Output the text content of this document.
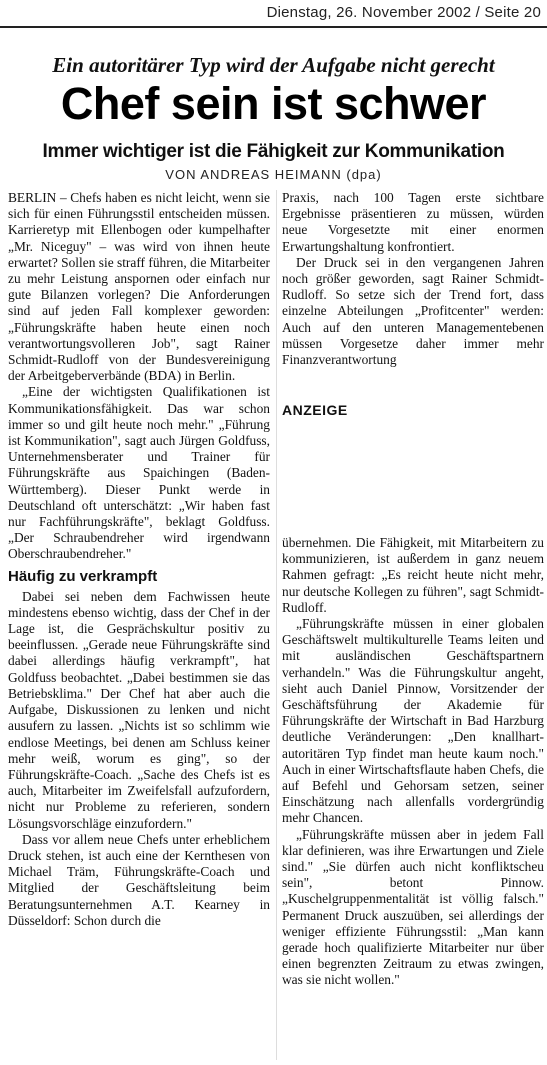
Dienstag, 26. November 2002 / Seite 20
Ein autoritärer Typ wird der Aufgabe nicht gerecht
Chef sein ist schwer
Immer wichtiger ist die Fähigkeit zur Kommunikation
VON ANDREAS HEIMANN (dpa)

BERLIN – Chefs haben es nicht leicht, wenn sie sich für einen Führungsstil entscheiden müssen. Karrieretyp mit Ellenbogen oder kumpelhafter „Mr. Niceguy" – was wird von ihnen heute erwartet? Sollen sie straff führen, die Mitarbeiter zu mehr Leistung anspornen oder einfach nur gute Bilanzen vorlegen? Die Anforderungen sind auf jeden Fall komplexer geworden: „Führungskräfte haben heute einen noch verantwortungsvolleren Job", sagt Rainer Schmidt-Rudloff von der Bundesvereinigung der Arbeitgeberverbände (BDA) in Berlin.

„Eine der wichtigsten Qualifikationen ist Kommunikationsfähigkeit. Das war schon immer so und gilt heute noch mehr." „Führung ist Kommunikation", sagt auch Jürgen Goldfuss, Unternehmensberater und Trainer für Führungskräfte aus Spaichingen (Baden-Württemberg). Dieser Punkt werde in Deutschland oft unterschätzt: „Wir haben fast nur Fachführungskräfte", beklagt Goldfuss. „Der Schraubendreher wird irgendwann Oberschraubendreher."

Häufig zu verkrampft

Dabei sei neben dem Fachwissen heute mindestens ebenso wichtig, dass der Chef in der Lage ist, die Gesprächskultur positiv zu beeinflussen. „Gerade neue Führungskräfte sind dabei allerdings häufig verkrampft", hat Goldfuss beobachtet. „Dabei bestimmen sie das Betriebsklima." Der Chef hat aber auch die Aufgabe, Diskussionen zu lenken und nicht ausufern zu lassen. „Nichts ist so schlimm wie endlose Meetings, bei denen am Schluss keiner mehr weiß, worum es ging", so der Führungskräfte-Coach. „Sache des Chefs ist es auch, Mitarbeiter im Zweifelsfall aufzufordern, nicht nur Probleme zu referieren, sondern Lösungsvorschläge einzufordern."

Dass vor allem neue Chefs unter erheblichem Druck stehen, ist auch eine der Kernthesen von Michael Träm, Führungskräfte-Coach und Mitglied der Geschäftsleitung beim Beratungsunternehmen A.T. Kearney in Düsseldorf: Schon durch die

Praxis, nach 100 Tagen erste sichtbare Ergebnisse präsentieren zu müssen, würden neue Vorgesetzte mit einer enormen Erwartungshaltung konfrontiert.

Der Druck sei in den vergangenen Jahren noch größer geworden, sagt Rainer Schmidt-Rudloff. So setze sich der Trend fort, dass einzelne Abteilungen „Profitcenter" werden: Auch auf den unteren Managementebenen müssen Vorgesetze daher immer mehr Finanzverantwortung

ANZEIGE

übernehmen. Die Fähigkeit, mit Mitarbeitern zu kommunizieren, ist außerdem in ganz neuem Rahmen gefragt: „Es reicht heute nicht mehr, nur deutsche Kollegen zu führen", sagt Schmidt-Rudloff.

„Führungskräfte müssen in einer globalen Geschäftswelt multikulturelle Teams leiten und mit ausländischen Geschäftspartnern verhandeln." Was die Führungskultur angeht, sieht auch Daniel Pinnow, Vorsitzender der Geschäftsführung der Akademie für Führungskräfte der Wirtschaft in Bad Harzburg deutliche Veränderungen: „Den knallhart-autoritären Typ findet man heute kaum noch." Auch in einer Wirtschaftsflaute haben Chefs, die auf Befehl und Gehorsam setzen, seiner Einschätzung nach allenfalls vordergründig mehr Chancen.

„Führungskräfte müssen aber in jedem Fall klar definieren, was ihre Erwartungen und Ziele sind." „Sie dürfen auch nicht konfliktscheu sein", betont Pinnow. „Kuschelgruppenmentalität ist völlig falsch." Permanent Druck auszuüben, sei allerdings der weniger effiziente Führungsstil: „Man kann gerade hoch qualifizierte Mitarbeiter nur über einen begrenzten Zeitraum zu etwas zwingen, was sie nicht wollen."
